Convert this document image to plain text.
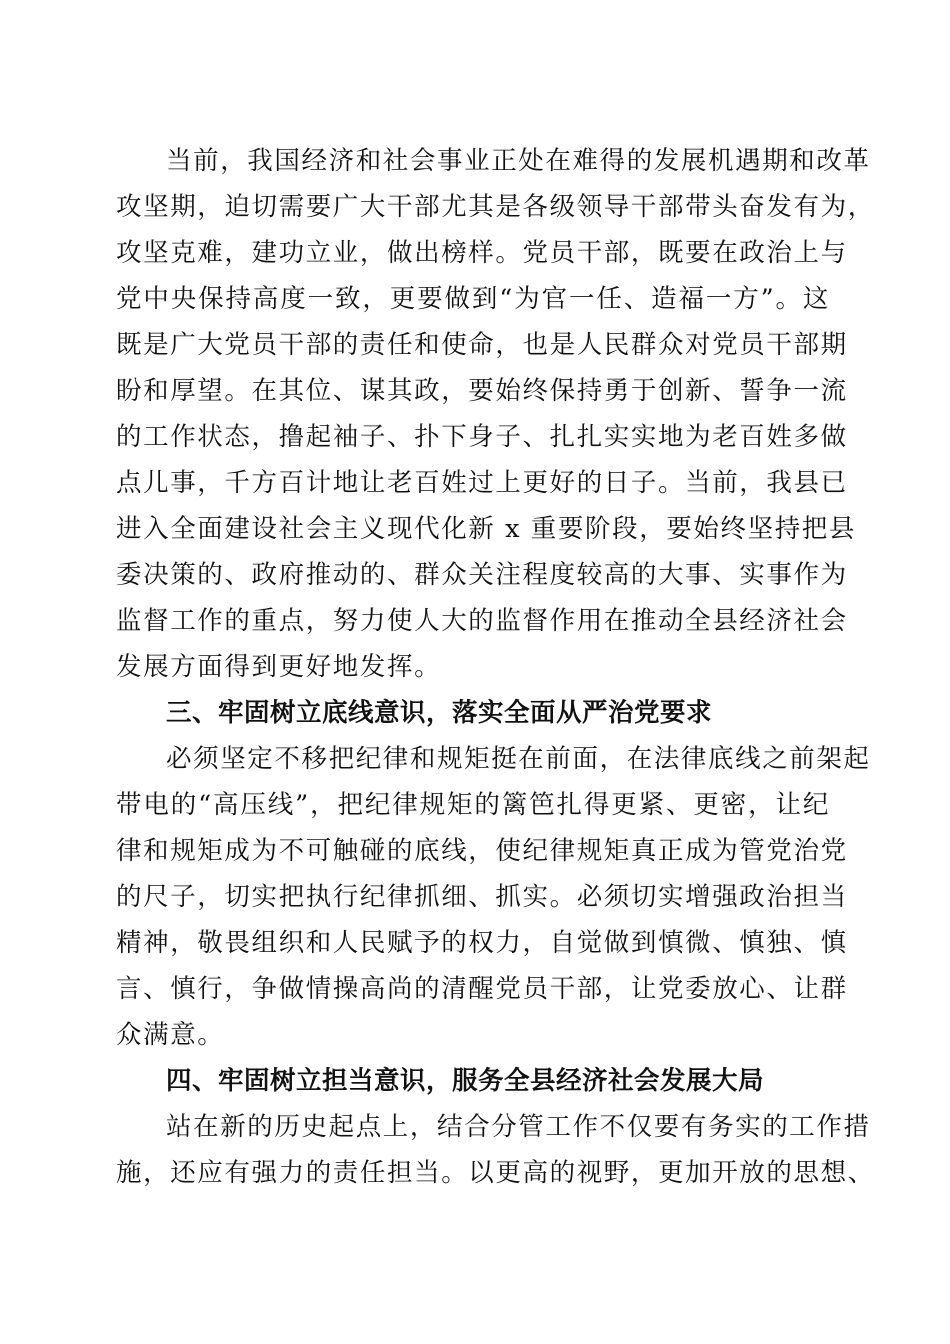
当前，我国经济和社会事业正处在难得的发展机遇期和改革
攻坚期，迫切需要广大干部尤其是各级领导干部带头奋发有为，
攻坚克难，建功立业，做出榜样。党员干部，既要在政治上与
党中央保持高度一致，更要做到“为官一任、造福一方”。这
既是广大党员干部的责任和使命，也是人民群众对党员干部期
盼和厚望。在其位、谋其政，要始终保持勇于创新、誓争一流
的工作状态，撸起袖子、扑下身子、扎扎实实地为老百姓多做
点儿事，千方百计地让老百姓过上更好的日子。当前，我县已
进入全面建设社会主义现代化新 x 重要阶段，要始终坚持把县
委决策的、政府推动的、群众关注程度较高的大事、实事作为
监督工作的重点，努力使人大的监督作用在推动全县经济社会
发展方面得到更好地发挥。
三、牢固树立底线意识，落实全面从严治党要求
必须坚定不移把纪律和规矩挺在前面，在法律底线之前架起
带电的“高压线”，把纪律规矩的篱笆扎得更紧、更密，让纪
律和规矩成为不可触碰的底线，使纪律规矩真正成为管党治党
的尺子，切实把执行纪律抓细、抓实。必须切实增强政治担当
精神，敬畏组织和人民赋予的权力，自觉做到慎微、慎独、慎
言、慎行，争做情操高尚的清醒党员干部，让党委放心、让群
众满意。
四、牢固树立担当意识，服务全县经济社会发展大局
站在新的历史起点上，结合分管工作不仅要有务实的工作措
施，还应有强力的责任担当。以更高的视野，更加开放的思想、
